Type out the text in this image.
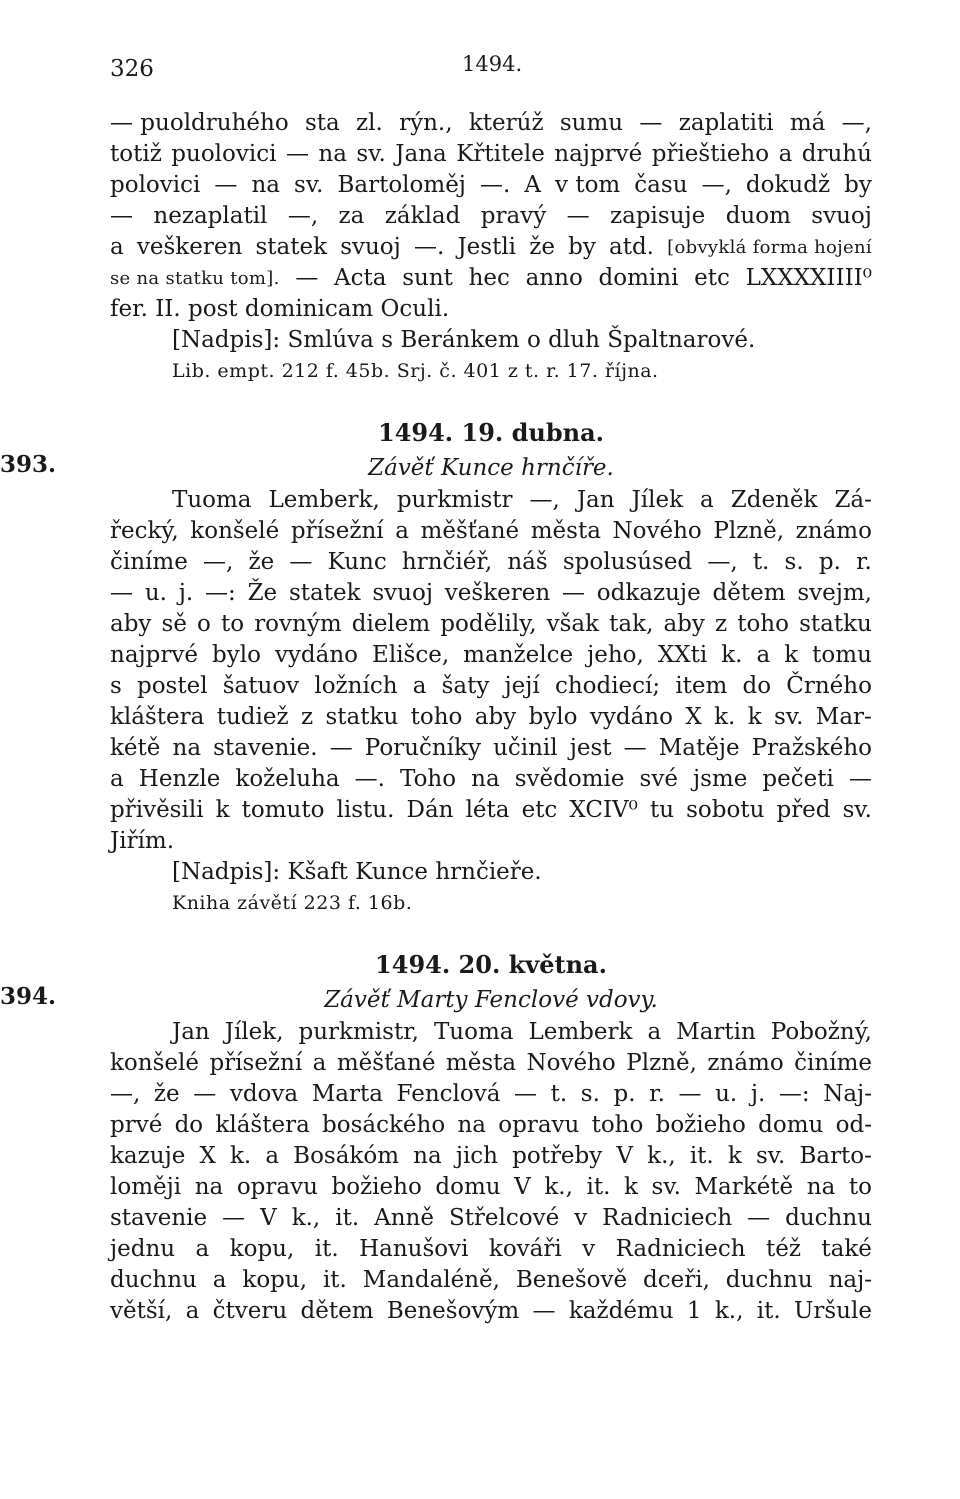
326	1494.
— puoldruhého sta zl. rýn., kterúž sumu — zaplatiti má —,
totiž puolovici — na sv. Jana Křtitele najprvé přieštieho a druhú
polovici — na sv. Bartoloměj —. A v tom času —, dokudž by
— nezaplatil —, za základ pravý — zapisuje duom svuoj
a veškeren statek svuoj —. Jestli že by atd. [obvyklá forma hojení
se na statku tom]. — Acta sunt hec anno domini etc LXXXXIIII⁰
fer. II. post dominicam Oculi.
[Nadpis]: Smlúva s Beránkem o dluh Špaltnarové.
Lib. empt. 212 f. 45b. Srj. č. 401 z t. r. 17. října.
1494. 19. dubna.
393.	Závěť Kunce hrnčíře.
Tuoma Lemberk, purkmistr —, Jan Jílek a Zdeněk Zá-
řecký, konšelé přísežní a měšťané města Nového Plzně, známo
činíme —, že — Kunc hrnčiéř, náš spolusúsed —, t. s. p. r.
— u. j. —: Že statek svuoj veškeren — odkazuje dětem svejm,
aby sě o to rovným dielem podělily, však tak, aby z toho statku
najprvé bylo vydáno Elišce, manželce jeho, XXti k. a k tomu
s postel šatuov ložních a šaty její chodiecí; item do Črného
kláštera tudiež z statku toho aby bylo vydáno X k. k sv. Mar-
kétě na stavenie. — Poručníky učinil jest — Matěje Pražského
a Henzle koželuha —. Toho na svědomie své jsme pečeti —
přivěsili k tomuto listu. Dán léta etc XCIV⁰ tu sobotu před sv.
Jiřím.
[Nadpis]: Kšaft Kunce hrnčieře.
Kniha závětí 223 f. 16b.
1494. 20. května.
394.	Závěť Marty Fenclové vdovy.
Jan Jílek, purkmistr, Tuoma Lemberk a Martin Pobožný,
konšelé přísežní a měšťané města Nového Plzně, známo činíme
—, že — vdova Marta Fenclová — t. s. p. r. — u. j. —: Naj-
prvé do kláštera bosáckého na opravu toho božieho domu od-
kazuje X k. a Bosákóm na jich potřeby V k., it. k sv. Barto-
loměji na opravu božieho domu V k., it. k sv. Markétě na to
stavenie — V k., it. Anně Střelcové v Radniciech — duchnu
jednu a kopu, it. Hanušovi kováři v Radniciech též také
duchnu a kopu, it. Mandaléně, Benešově dceři, duchnu naj-
větší, a čtveru dětem Benešovým — každému 1 k., it. Uršule
